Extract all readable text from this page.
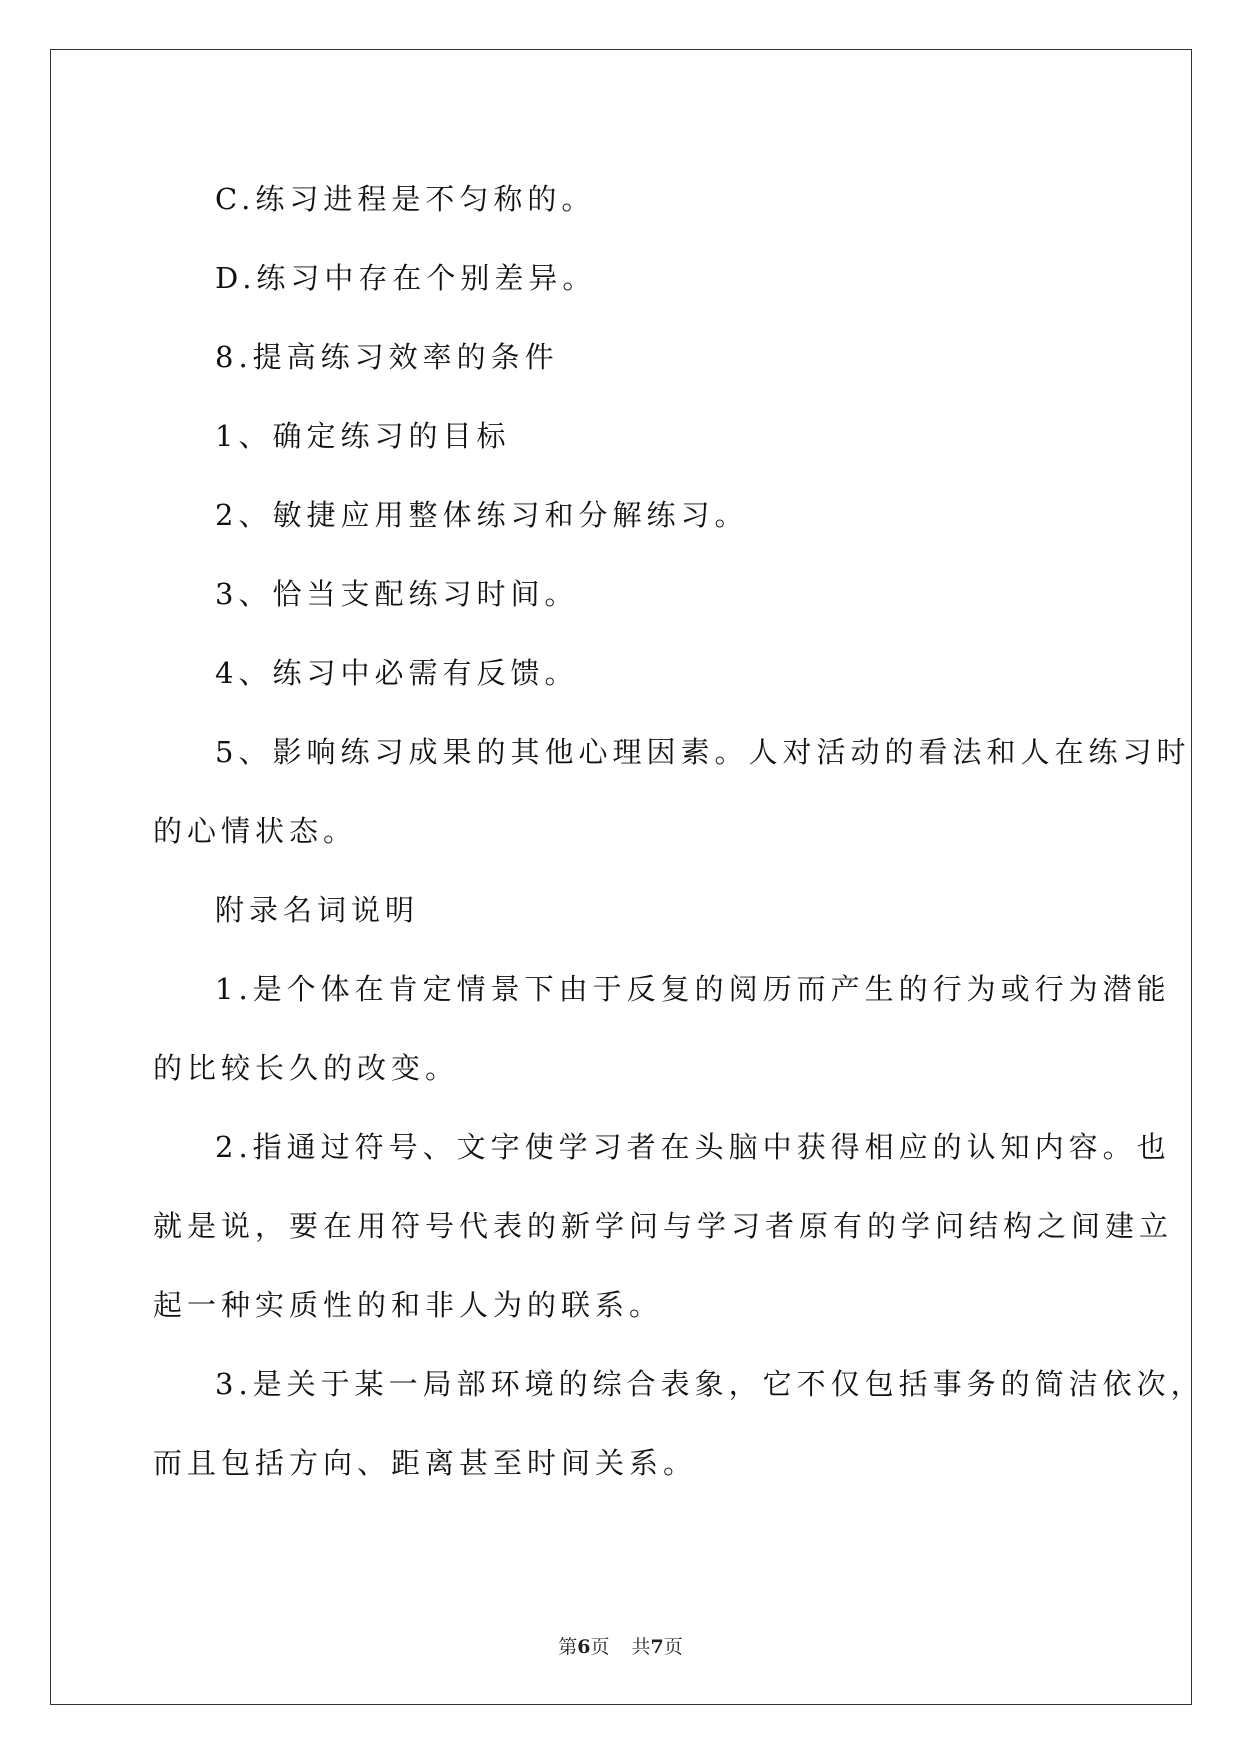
C.练习进程是不匀称的。
D.练习中存在个别差异。
8.提高练习效率的条件
1、确定练习的目标
2、敏捷应用整体练习和分解练习。
3、恰当支配练习时间。
4、练习中必需有反馈。
5、影响练习成果的其他心理因素。人对活动的看法和人在练习时
的心情状态。
附录名词说明
1.是个体在肯定情景下由于反复的阅历而产生的行为或行为潜能
的比较长久的改变。
2.指通过符号、文字使学习者在头脑中获得相应的认知内容。也
就是说，要在用符号代表的新学问与学习者原有的学问结构之间建立
起一种实质性的和非人为的联系。
3.是关于某一局部环境的综合表象，它不仅包括事务的简洁依次，
而且包括方向、距离甚至时间关系。
第6页 共7页
